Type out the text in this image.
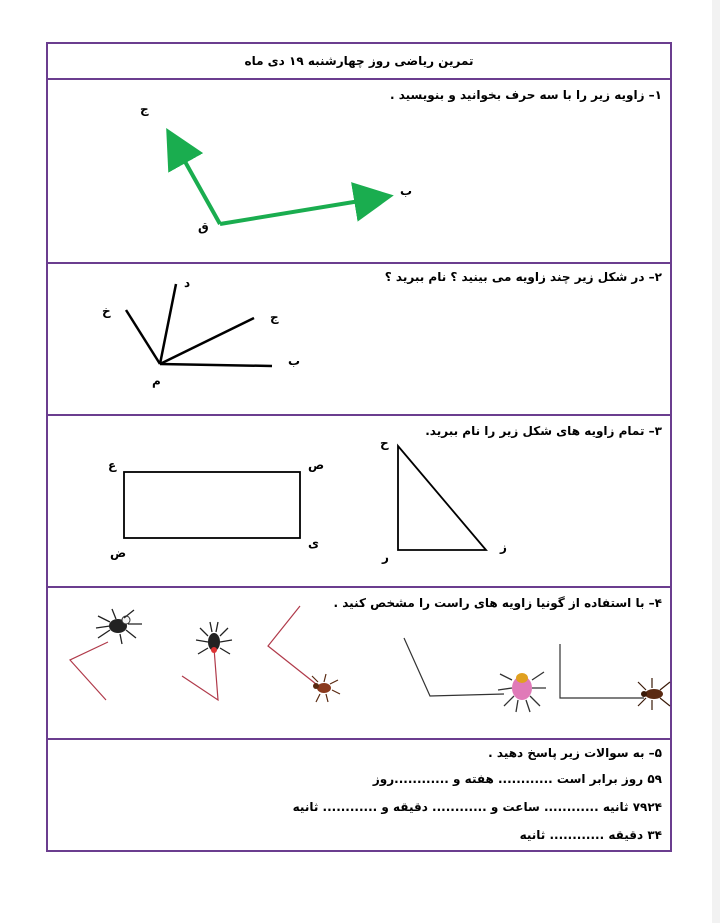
تمرین ریاضی روز چهارشنبه ۱۹ دی ماه
۱– زاویه زیر را با سه حرف بخوانید و بنویسید .
ج
ق
ب
۲– در شکل زیر چند زاویه می بینید ؟ نام ببرید ؟
د
خ	ج
ب
م
۳– تمام زاویه های شکل زیر را نام ببرید.
ع	ص
ض
ی
ح
ر
ز
۴– با استفاده از گونیا زاویه های راست را مشخص کنید .
۵– به سوالات زیر پاسخ دهید .
۵۹ روز برابر است ............ هفته و ............روز
۷۹۲۴ ثانیه ............ ساعت و ............ دقیقه و ............ ثانیه
۳۴ دقیقه ............ ثانیه
